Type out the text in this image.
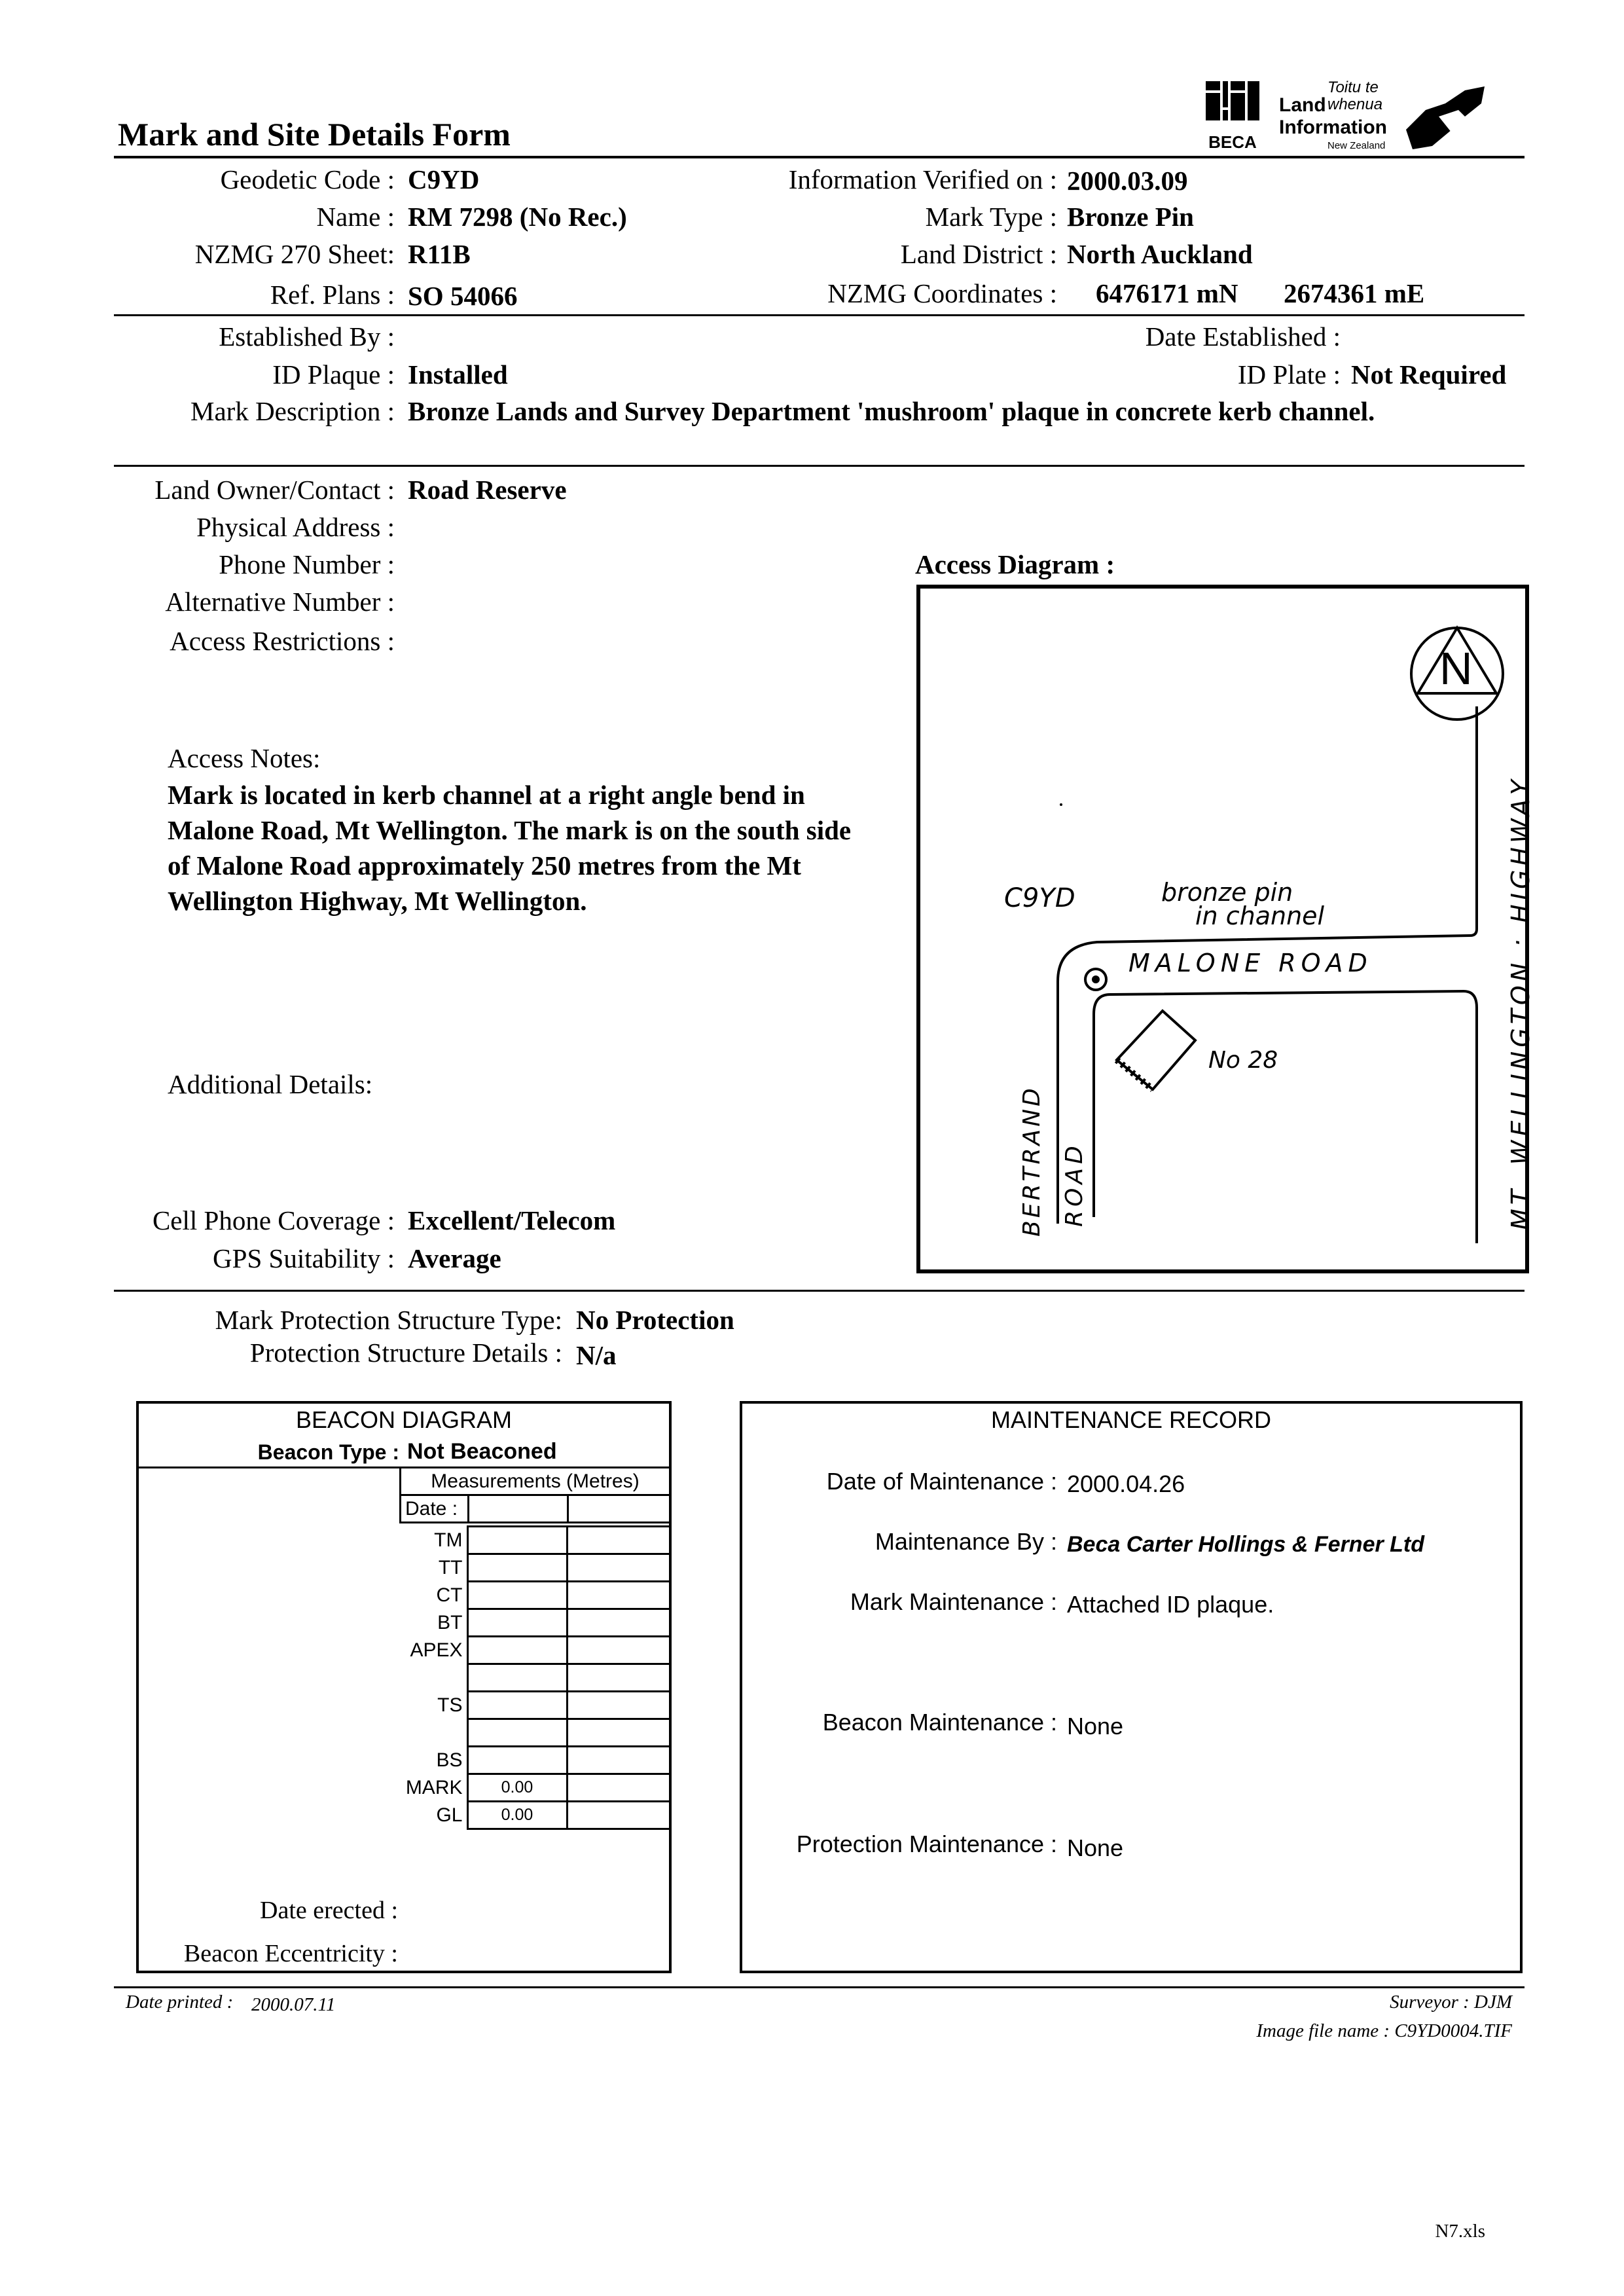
Mark and Site Details Form	BECA
Land
Information
Toitu te
whenua
New Zealand
Geodetic Code : C9YD
Name : RM 7298 (No Rec.)
NZMG 270 Sheet: R11B
Ref. Plans : SO 54066
Information Verified on : 2000.03.09
Mark Type : Bronze Pin
Land District : North Auckland
NZMG Coordinates : 6476171 mN 2674361 mE
Established By :	Date Established :
ID Plaque : Installed	ID Plate : Not Required
Mark Description : Bronze Lands and Survey Department 'mushroom' plaque in concrete kerb channel.
Land Owner/Contact : Road Reserve
Physical Address :
Phone Number :
Alternative Number :
Access Restrictions :
Access Notes:
Mark is located in kerb channel at a right angle bend in
Malone Road, Mt Wellington. The mark is on the south side
of Malone Road approximately 250 metres from the Mt
Wellington Highway, Mt Wellington.
Additional Details:
Cell Phone Coverage : Excellent/Telecom
GPS Suitability : Average
Access Diagram :
N
C9YD	bronze pin
in channel
MALONE ROAD
No 28	MT. WELLINGTON : HIGHWAY
BERTRAND ROAD
Mark Protection Structure Type: No Protection
Protection Structure Details : N/a
BEACON DIAGRAM
Beacon Type : Not Beaconed
Measurements (Metres)
Date :		
TM		
TT		
CT		
BT		
APEX		

TS		

BS		
MARK	0.00	
GL	0.00	
Date erected :
Beacon Eccentricity :
MAINTENANCE RECORD
Date of Maintenance : 2000.04.26
Maintenance By : Beca Carter Hollings & Ferner Ltd
Mark Maintenance : Attached ID plaque.
Beacon Maintenance : None
Protection Maintenance : None
Date printed : 2000.07.11	Surveyor : DJM
Image file name : C9YD0004.TIF
N7.xls
